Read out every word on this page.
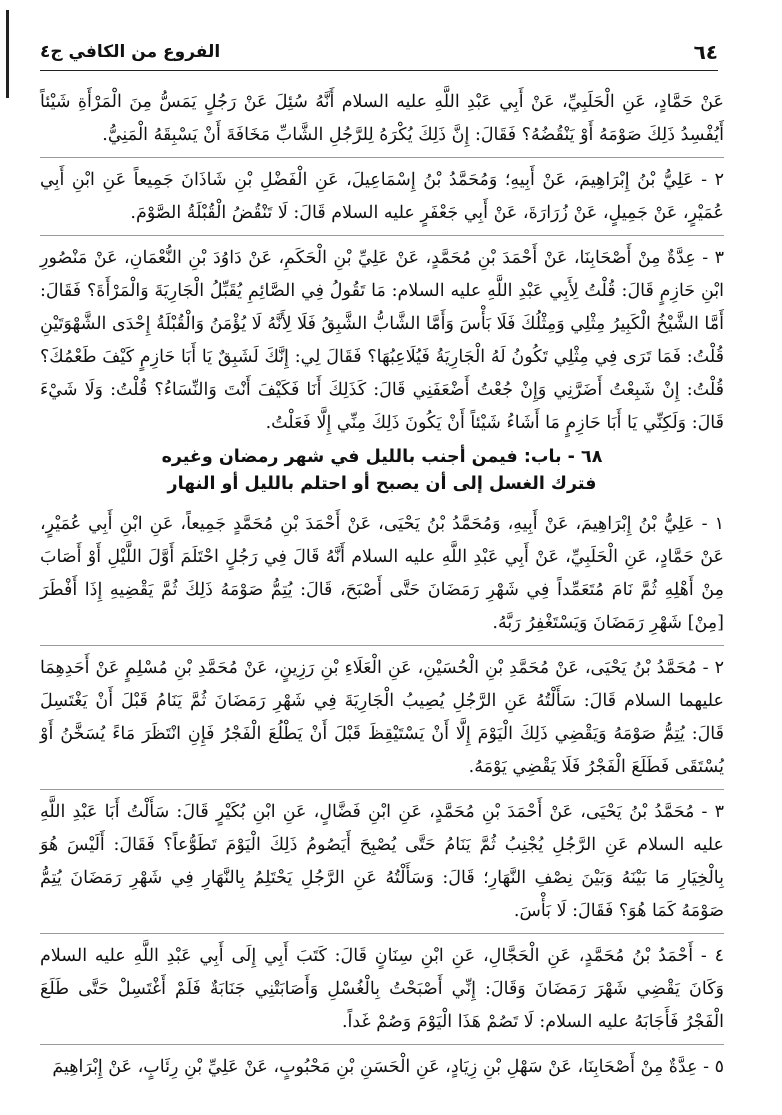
٦٤
الفروع من الكافي ج٤

عَنْ حَمَّادٍ، عَنِ الْحَلَبِيِّ، عَنْ أَبِي عَبْدِ اللَّهِ عليه السلام أَنَّهُ سُئِلَ عَنْ رَجُلٍ يَمَسُّ مِنَ الْمَرْأَةِ شَيْئاً أَيُفْسِدُ ذَلِكَ صَوْمَهُ أَوْ يَنْقُضُهُ؟ فَقَالَ: إِنَّ ذَلِكَ يُكْرَهُ لِلرَّجُلِ الشَّابِّ مَخَافَةَ أَنْ يَسْبِقَهُ الْمَنِيُّ.

٢ - عَلِيُّ بْنُ إِبْرَاهِيمَ، عَنْ أَبِيهِ؛ وَمُحَمَّدُ بْنُ إِسْمَاعِيلَ، عَنِ الْفَضْلِ بْنِ شَاذَانَ جَمِيعاً عَنِ ابْنِ أَبِي عُمَيْرٍ، عَنْ جَمِيلٍ، عَنْ زُرَارَةَ، عَنْ أَبِي جَعْفَرٍ عليه السلام قَالَ: لَا تَنْقُضُ الْقُبْلَةُ الصَّوْمَ.

٣ - عِدَّةٌ مِنْ أَصْحَابِنَا، عَنْ أَحْمَدَ بْنِ مُحَمَّدٍ، عَنْ عَلِيِّ بْنِ الْحَكَمِ، عَنْ دَاوُدَ بْنِ النُّعْمَانِ، عَنْ مَنْصُورِ ابْنِ حَازِمٍ قَالَ: قُلْتُ لِأَبِي عَبْدِ اللَّهِ عليه السلام: مَا تَقُولُ فِي الصَّائِمِ يُقَبِّلُ الْجَارِيَةَ وَالْمَرْأَةَ؟ فَقَالَ: أَمَّا الشَّيْخُ الْكَبِيرُ مِثْلِي وَمِثْلُكَ فَلَا بَأْسَ وَأَمَّا الشَّابُّ الشَّبِقُ فَلَا لِأَنَّهُ لَا يُؤْمَنُ وَالْقُبْلَةُ إِحْدَى الشَّهْوَتَيْنِ قُلْتُ: فَمَا تَرَى فِي مِثْلِي تَكُونُ لَهُ الْجَارِيَةُ فَيُلَاعِبُهَا؟ فَقَالَ لِي: إِنَّكَ لَشَبِقٌ يَا أَبَا حَازِمٍ كَيْفَ طَعْمُكَ؟ قُلْتُ: إِنْ شَبِعْتُ أَضَرَّنِي وَإِنْ جُعْتُ أَضْعَفَنِي قَالَ: كَذَلِكَ أَنَا فَكَيْفَ أَنْتَ وَالنِّسَاءُ؟ قُلْتُ: وَلَا شَيْءَ قَالَ: وَلَكِنِّي يَا أَبَا حَازِمٍ مَا أَشَاءُ شَيْئاً أَنْ يَكُونَ ذَلِكَ مِنِّي إِلَّا فَعَلْتُ.

٦٨ - باب: فيمن أجنب بالليل في شهر رمضان وغيره
فترك الغسل إلى أن يصبح أو احتلم بالليل أو النهار

١ - عَلِيُّ بْنُ إِبْرَاهِيمَ، عَنْ أَبِيهِ، وَمُحَمَّدُ بْنُ يَحْيَى، عَنْ أَحْمَدَ بْنِ مُحَمَّدٍ جَمِيعاً، عَنِ ابْنِ أَبِي عُمَيْرٍ، عَنْ حَمَّادٍ، عَنِ الْحَلَبِيِّ، عَنْ أَبِي عَبْدِ اللَّهِ عليه السلام أَنَّهُ قَالَ فِي رَجُلٍ احْتَلَمَ أَوَّلَ اللَّيْلِ أَوْ أَصَابَ مِنْ أَهْلِهِ ثُمَّ نَامَ مُتَعَمِّداً فِي شَهْرِ رَمَضَانَ حَتَّى أَصْبَحَ، قَالَ: يُتِمُّ صَوْمَهُ ذَلِكَ ثُمَّ يَقْضِيهِ إِذَا أَفْطَرَ [مِنْ] شَهْرِ رَمَضَانَ وَيَسْتَغْفِرُ رَبَّهُ.

٢ - مُحَمَّدُ بْنُ يَحْيَى، عَنْ مُحَمَّدِ بْنِ الْحُسَيْنِ، عَنِ الْعَلَاءِ بْنِ رَزِينٍ، عَنْ مُحَمَّدِ بْنِ مُسْلِمٍ عَنْ أَحَدِهِمَا عليهما السلام قَالَ: سَأَلْتُهُ عَنِ الرَّجُلِ يُصِيبُ الْجَارِيَةَ فِي شَهْرِ رَمَضَانَ ثُمَّ يَنَامُ قَبْلَ أَنْ يَغْتَسِلَ قَالَ: يُتِمُّ صَوْمَهُ وَيَقْضِي ذَلِكَ الْيَوْمَ إِلَّا أَنْ يَسْتَيْقِظَ قَبْلَ أَنْ يَطْلُعَ الْفَجْرُ فَإِنِ انْتَظَرَ مَاءً يُسَخَّنُ أَوْ يُسْتَقَى فَطَلَعَ الْفَجْرُ فَلَا يَقْضِي يَوْمَهُ.

٣ - مُحَمَّدُ بْنُ يَحْيَى، عَنْ أَحْمَدَ بْنِ مُحَمَّدٍ، عَنِ ابْنِ فَضَّالٍ، عَنِ ابْنِ بُكَيْرٍ قَالَ: سَأَلْتُ أَبَا عَبْدِ اللَّهِ عليه السلام عَنِ الرَّجُلِ يُجْنِبُ ثُمَّ يَنَامُ حَتَّى يُصْبِحَ أَيَصُومُ ذَلِكَ الْيَوْمَ تَطَوُّعاً؟ فَقَالَ: أَلَيْسَ هُوَ بِالْخِيَارِ مَا بَيْنَهُ وَبَيْنَ نِصْفِ النَّهَارِ؛ قَالَ: وَسَأَلْتُهُ عَنِ الرَّجُلِ يَحْتَلِمُ بِالنَّهَارِ فِي شَهْرِ رَمَضَانَ يُتِمُّ صَوْمَهُ كَمَا هُوَ؟ فَقَالَ: لَا بَأْسَ.

٤ - أَحْمَدُ بْنُ مُحَمَّدٍ، عَنِ الْحَجَّالِ، عَنِ ابْنِ سِنَانٍ قَالَ: كَتَبَ أَبِي إِلَى أَبِي عَبْدِ اللَّهِ عليه السلام وَكَانَ يَقْضِي شَهْرَ رَمَضَانَ وَقَالَ: إِنِّي أَصْبَحْتُ بِالْغُسْلِ وَأَصَابَتْنِي جَنَابَةٌ فَلَمْ أَغْتَسِلْ حَتَّى طَلَعَ الْفَجْرُ فَأَجَابَهُ عليه السلام: لَا تَصُمْ هَذَا الْيَوْمَ وَصُمْ غَداً.

٥ - عِدَّةٌ مِنْ أَصْحَابِنَا، عَنْ سَهْلِ بْنِ زِيَادٍ، عَنِ الْحَسَنِ بْنِ مَحْبُوبٍ، عَنْ عَلِيِّ بْنِ رِئَابٍ، عَنْ إِبْرَاهِيمَ
